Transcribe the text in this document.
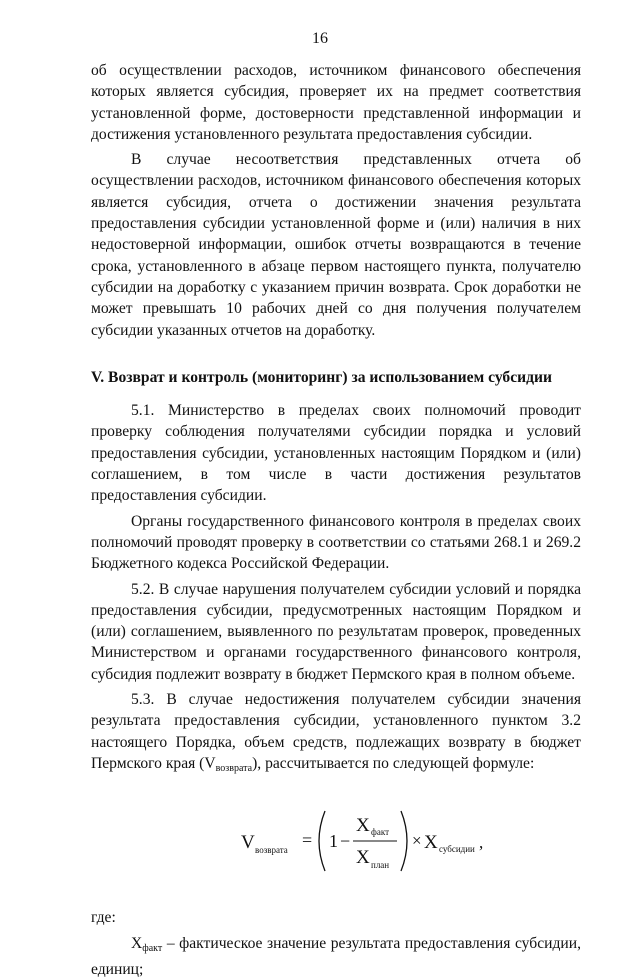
16

об осуществлении расходов, источником финансового обеспечения которых является субсидия, проверяет их на предмет соответствия установленной форме, достоверности представленной информации и достижения установленного результата предоставления субсидии.

В случае несоответствия представленных отчета об осуществлении расходов, источником финансового обеспечения которых является субсидия, отчета о достижении значения результата предоставления субсидии установленной форме и (или) наличия в них недостоверной информации, ошибок отчеты возвращаются в течение срока, установленного в абзаце первом настоящего пункта, получателю субсидии на доработку с указанием причин возврата. Срок доработки не может превышать 10 рабочих дней со дня получения получателем субсидии указанных отчетов на доработку.

V. Возврат и контроль (мониторинг) за использованием субсидии

5.1. Министерство в пределах своих полномочий проводит проверку соблюдения получателями субсидии порядка и условий предоставления субсидии, установленных настоящим Порядком и (или) соглашением, в том числе в части достижения результатов предоставления субсидии.

Органы государственного финансового контроля в пределах своих полномочий проводят проверку в соответствии со статьями 268.1 и 269.2 Бюджетного кодекса Российской Федерации.

5.2. В случае нарушения получателем субсидии условий и порядка предоставления субсидии, предусмотренных настоящим Порядком и (или) соглашением, выявленного по результатам проверок, проведенных Министерством и органами государственного финансового контроля, субсидия подлежит возврату в бюджет Пермского края в полном объеме.

5.3. В случае недостижения получателем субсидии значения результата предоставления субсидии, установленного пунктом 3.2 настоящего Порядка, объем средств, подлежащих возврату в бюджет Пермского края $(V_{возврата})$, рассчитывается по следующей формуле:

V возврата = 1 −
X факт
X план
× X субсидии ,

где:

$X_{факт}$ – фактическое значение результата предоставления субсидии, единиц;
